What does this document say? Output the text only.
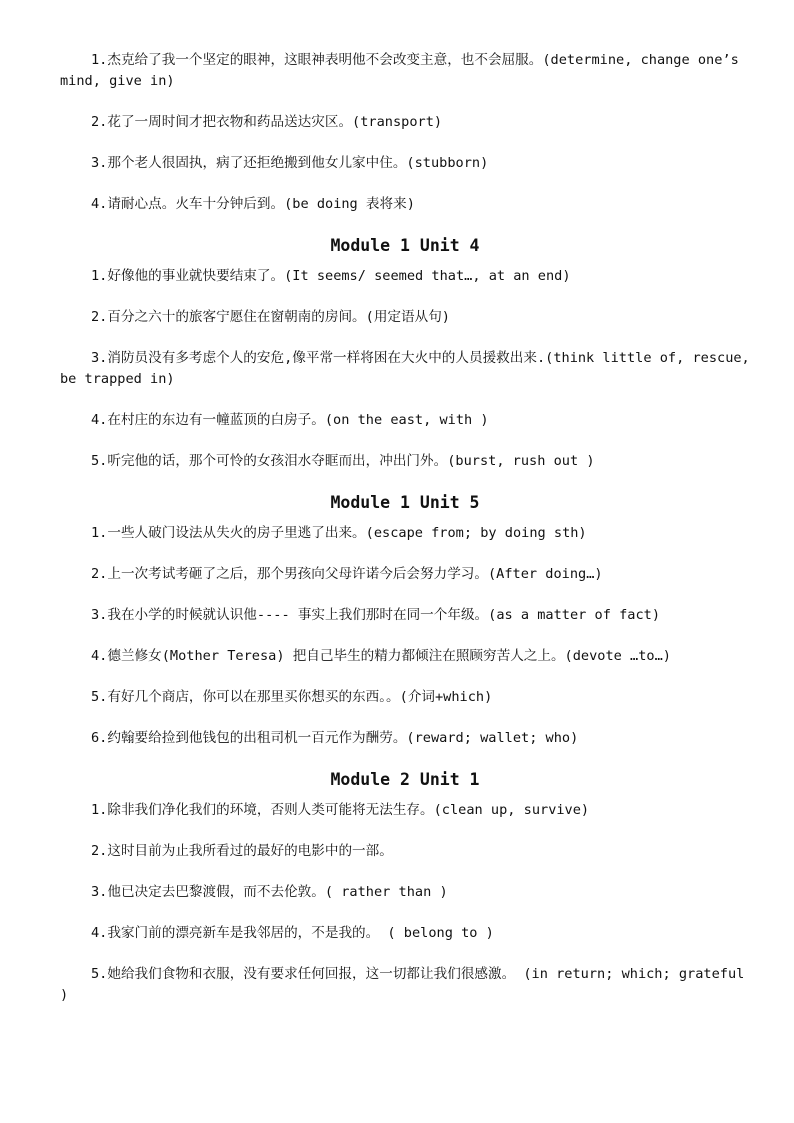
1.杰克给了我一个坚定的眼神，这眼神表明他不会改变主意，也不会屈服。(determine, change one’s mind, give in)

2.花了一周时间才把衣物和药品送达灾区。(transport)

3.那个老人很固执，病了还拒绝搬到他女儿家中住。(stubborn)

4.请耐心点。火车十分钟后到。(be doing 表将来)

Module 1 Unit 4

1.好像他的事业就快要结束了。(It seems/ seemed that…, at an end)

2.百分之六十的旅客宁愿住在窗朝南的房间。(用定语从句)

3.消防员没有多考虑个人的安危,像平常一样将困在大火中的人员援救出来.(think little of, rescue, be trapped in)

4.在村庄的东边有一幢蓝顶的白房子。(on the east, with )

5.听完他的话，那个可怜的女孩泪水夺眶而出，冲出门外。(burst, rush out )

Module 1 Unit 5

1.一些人破门设法从失火的房子里逃了出来。(escape from; by doing sth)

2.上一次考试考砸了之后，那个男孩向父母许诺今后会努力学习。(After doing…)

3.我在小学的时候就认识他---- 事实上我们那时在同一个年级。(as a matter of fact)

4.德兰修女(Mother Teresa) 把自己毕生的精力都倾注在照顾穷苦人之上。(devote …to…)

5.有好几个商店，你可以在那里买你想买的东西。。(介词+which)

6.约翰要给捡到他钱包的出租司机一百元作为酬劳。(reward; wallet; who)

Module 2 Unit 1

1.除非我们净化我们的环境，否则人类可能将无法生存。(clean up, survive)

2.这时目前为止我所看过的最好的电影中的一部。

3.他已决定去巴黎渡假，而不去伦敦。( rather than )

4.我家门前的漂亮新车是我邻居的，不是我的。 ( belong to )

5.她给我们食物和衣服，没有要求任何回报，这一切都让我们很感激。 (in return; which; grateful )
